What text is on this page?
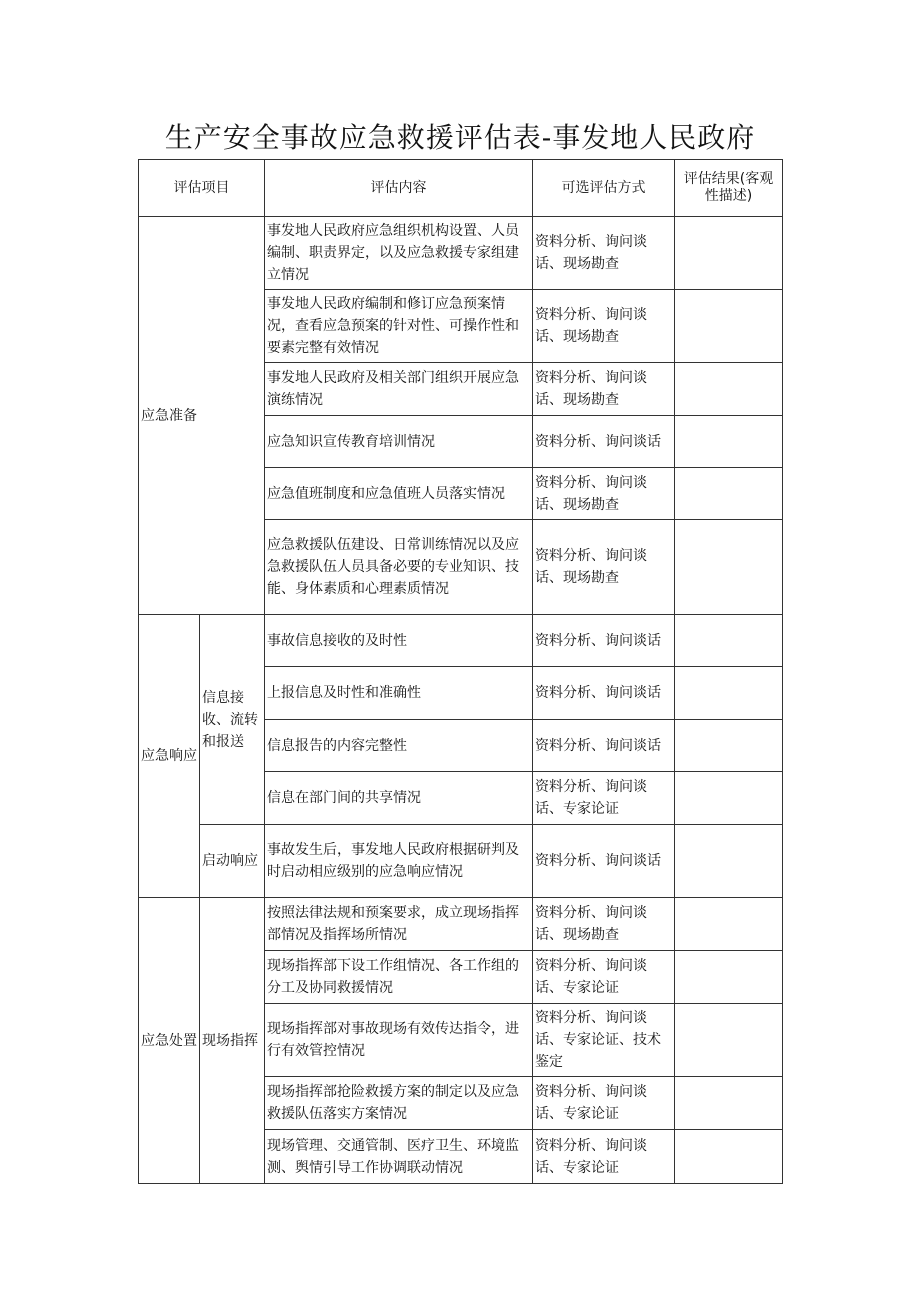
生产安全事故应急救援评估表-事发地人民政府
评估项目		评估内容	可选评估方式	评估结果(客观性描述)
应急准备		事发地人民政府应急组织机构设置、人员编制、职责界定，以及应急救援专家组建立情况	资料分析、询问谈话、现场勘查	
		事发地人民政府编制和修订应急预案情况，查看应急预案的针对性、可操作性和要素完整有效情况	资料分析、询问谈话、现场勘查	
		事发地人民政府及相关部门组织开展应急演练情况	资料分析、询问谈话、现场勘查	
		应急知识宣传教育培训情况	资料分析、询问谈话	
		应急值班制度和应急值班人员落实情况	资料分析、询问谈话、现场勘查	
		应急救援队伍建设、日常训练情况以及应急救援队伍人员具备必要的专业知识、技能、身体素质和心理素质情况	资料分析、询问谈话、现场勘查	
应急响应	信息接收、流转和报送	事故信息接收的及时性	资料分析、询问谈话	
		上报信息及时性和准确性	资料分析、询问谈话	
		信息报告的内容完整性	资料分析、询问谈话	
		信息在部门间的共享情况	资料分析、询问谈话、专家论证	
	启动响应	事故发生后，事发地人民政府根据研判及时启动相应级别的应急响应情况	资料分析、询问谈话	
应急处置	现场指挥	按照法律法规和预案要求，成立现场指挥部情况及指挥场所情况	资料分析、询问谈话、现场勘查	
		现场指挥部下设工作组情况、各工作组的分工及协同救援情况	资料分析、询问谈话、专家论证	
		现场指挥部对事故现场有效传达指令，进行有效管控情况	资料分析、询问谈话、专家论证、技术鉴定	
		现场指挥部抢险救援方案的制定以及应急救援队伍落实方案情况	资料分析、询问谈话、专家论证	
		现场管理、交通管制、医疗卫生、环境监测、舆情引导工作协调联动情况	资料分析、询问谈话、专家论证	
